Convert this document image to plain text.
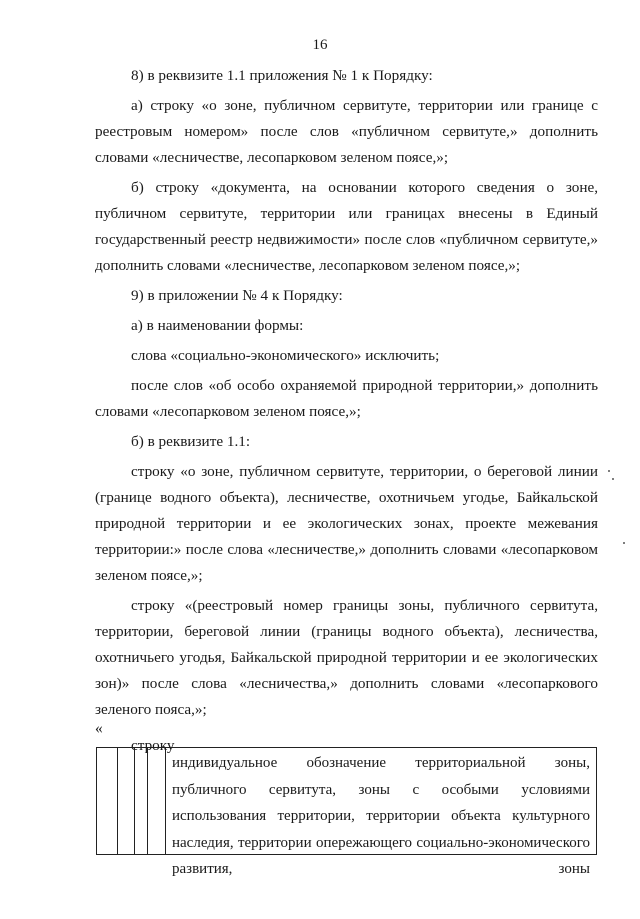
16

8) в реквизите 1.1 приложения № 1 к Порядку:

а) строку «о зоне, публичном сервитуте, территории или границе с реестровым номером» после слов «публичном сервитуте,» дополнить словами «лесничестве, лесопарковом зеленом поясе,»;

б) строку «документа, на основании которого сведения о зоне, публичном сервитуте, территории или границах внесены в Единый государственный реестр недвижимости» после слов «публичном сервитуте,» дополнить словами «лесничестве, лесопарковом зеленом поясе,»;

9) в приложении № 4 к Порядку:

а) в наименовании формы:

слова «социально-экономического» исключить;

после слов «об особо охраняемой природной территории,» дополнить словами «лесопарковом зеленом поясе,»;

б) в реквизите 1.1:

строку «о зоне, публичном сервитуте, территории, о береговой линии (границе водного объекта), лесничестве, охотничьем угодье, Байкальской природной территории и ее экологических зонах, проекте межевания территории:» после слова «лесничестве,» дополнить словами «лесопарковом зеленом поясе,»;

строку «(реестровый номер границы зоны, публичного сервитута, территории, береговой линии (границы водного объекта), лесничества, охотничьего угодья, Байкальской природной территории и ее экологических зон)» после слова «лесничества,» дополнить словами «лесопаркового зеленого пояса,»;

строку

«
индивидуальное обозначение территориальной зоны, публичного сервитута, зоны с особыми условиями использования территории, территории объекта культурного наследия, территории опережающего социально-экономического развития, зоны
